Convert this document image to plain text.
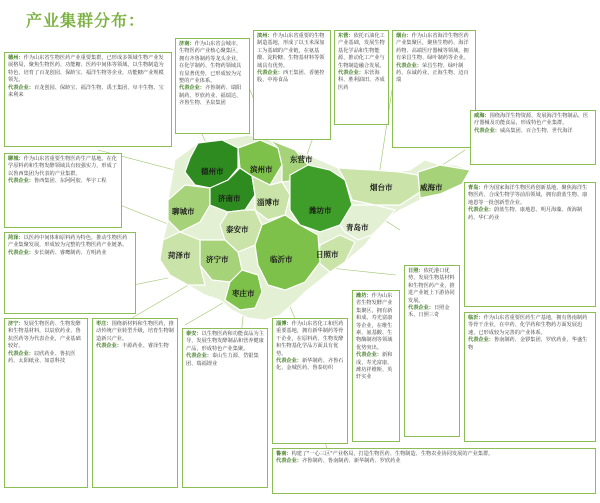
产业集群分布：
德州市
东营市
滨州市
烟台市	威海市
聊城市
济南市 淄博市
潍坊市
青岛市
泰安市
济宁市
菏泽市	临沂市
日照市
枣庄市

德州：作为山东省生物医药产业重要集群，已形成多领域生物产业发展格局，聚焦生物医药、功能糖、医药中间体等领域，以生物制造为特色，培育了百龙创园、保龄宝、福洋生物等企业，功能糖产业规模领先。

代表企业：百龙创园、保龄宝、福洋生物、禹王集团、阜丰生物、宝来利来

济南：作为山东省会城市，生物医药产业核心聚集区，拥有齐鲁制药等龙头企业，在化学制药、生物药领域具有显著优势，已形成较为完整的产业体系。

代表企业：齐鲁制药、瑞阳制药、罗欣药业、福瑞达、齐鲁生物、圣泉集团

滨州：作为山东省重要的生物制造基地，形成了以玉米深加工为基础的产业链，在氨基酸、淀粉糖、生物基材料等领域具有优势。

代表企业：西王集团、香驰控股、中裕食品

东营：依托石油化工产业基础，发展生物基化学品和生物能源，推动化工产业与生物制造融合发展。

代表企业：东营海科、胜利油田、齐成医药

烟台：作为山东省海洋生物医药产业集聚区，聚焦生物药、海洋药物、高端医疗器械等领域，拥有荣昌生物、绿叶制药等企业。

代表企业：荣昌生物、绿叶制药、东诚药业、正海生物、迈百瑞

威海：围绕海洋生物资源，发展海洋生物制品、医疗器械及功能食品，形成特色产业集群。

代表企业：威高集团、百合生物、世代海洋

聊城：作为山东省重要生物医药生产基地，在化学原料药和生物发酵领域具有较强实力，形成了以鲁西集团为代表的产业集群。

代表企业：鲁西集团、东阿阿胶、华宇工程

菏泽：以医药中间体和原料药为特色，推动生物医药产业集聚发展，形成较为完整的生物医药产业链条。

代表企业：步长制药、睿鹰制药、方明药业

济宁：发展生物医药、生物发酵和生物基材料，以辰欣药业、鲁抗医药等为代表企业，产业基础较好。

代表企业：辰欣药业、鲁抗医药、太阳纸业、如意科技

枣庄：围绕新材料和生物医药，推动传统产业转型升级，培育生物制造新兴产业。

代表企业：丰源药业、睿泽生物

泰安：以生物医药和功能食品为主导，发展生物发酵制品和营养健康产品，形成特色产业集聚。

代表企业：泰山生力源、岱银集团、瑞福锂业

淄博：作为山东省化工和医药重要基地，拥有新华制药等骨干企业，在原料药、生物发酵和生物基化学品方面具有优势。

代表企业：新华制药、齐鲁石化、金城医药、鲁泰纺织

潍坊：作为山东省生物发酵产业集聚区，拥有新和成、寿光富康等企业，在维生素、氨基酸、生物酶制剂等领域优势突出。

代表企业：新和成、寿光富康、潍坊祥维斯、英轩实业

青岛：作为国家海洋生物医药创新基地，聚焦海洋生物医药、合成生物学等前沿领域，拥有蔚蓝生物、康地恩等一批创新型企业。

代表企业：蔚蓝生物、康地恩、明月海藻、黄海制药、华仁药业

日照：依托港口优势，发展生物基材料和生物医药产业，推进产业链上下游协同发展。

代表企业：日照金禾、日照三奇	临沂：作为山东省重要医药生产基地，拥有鲁南制药等骨干企业，在中药、化学药和生物药方面发展迅速，已形成较为完善的产业体系。

代表企业：鲁南制药、金锣集团、罗欣药业、华盛生物

鲁南：构建了"一心三区"产业格局，打造生物医药、生物制造、生物农业协同发展的产业集群。

代表企业：齐鲁制药、鲁南制药、新华制药、罗欣药业
